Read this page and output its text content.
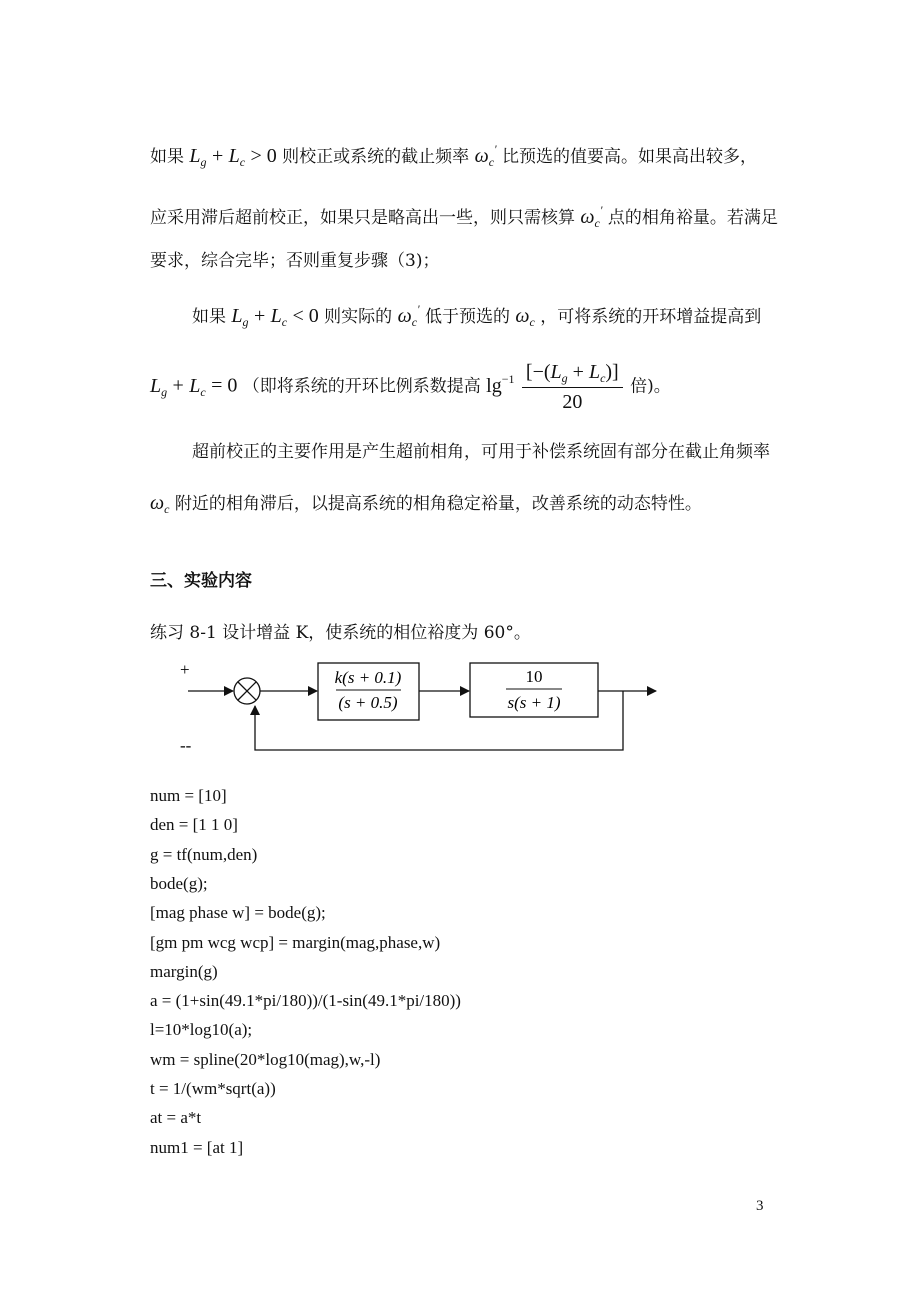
如果 $L_g + L_c > 0$ 则校正或系统的截止频率 $\omega_c'$ 比预选的值要高。如果高出较多，
应采用滞后超前校正，如果只是略高出一些，则只需核算 $\omega_c'$ 点的相角裕量。若满足
要求，综合完毕；否则重复步骤（3)；
如果 $L_g + L_c < 0$ 则实际的 $\omega_c'$ 低于预选的 $\omega_c$ ，可将系统的开环增益提高到
$L_g + L_c = 0$ （即将系统的开环比例系数提高 $\lg^{-1} \frac{[-(L_g + L_c)]}{20}$ 倍)。
超前校正的主要作用是产生超前相角，可用于补偿系统固有部分在截止角频率
$\omega_c$ 附近的相角滞后，以提高系统的相角稳定裕量，改善系统的动态特性。
三、实验内容
练习 8-1 设计增益 K，使系统的相位裕度为 60°。
+
--
k(s + 0.1)
(s + 0.5)
10
s(s + 1)
num = [10]
den = [1 1 0]
g = tf(num,den)
bode(g);
[mag phase w] = bode(g);
[gm pm wcg wcp] = margin(mag,phase,w)
margin(g)
a = (1+sin(49.1*pi/180))/(1-sin(49.1*pi/180))
l=10*log10(a);
wm = spline(20*log10(mag),w,-l)
t = 1/(wm*sqrt(a))
at = a*t
num1 = [at 1]
3
